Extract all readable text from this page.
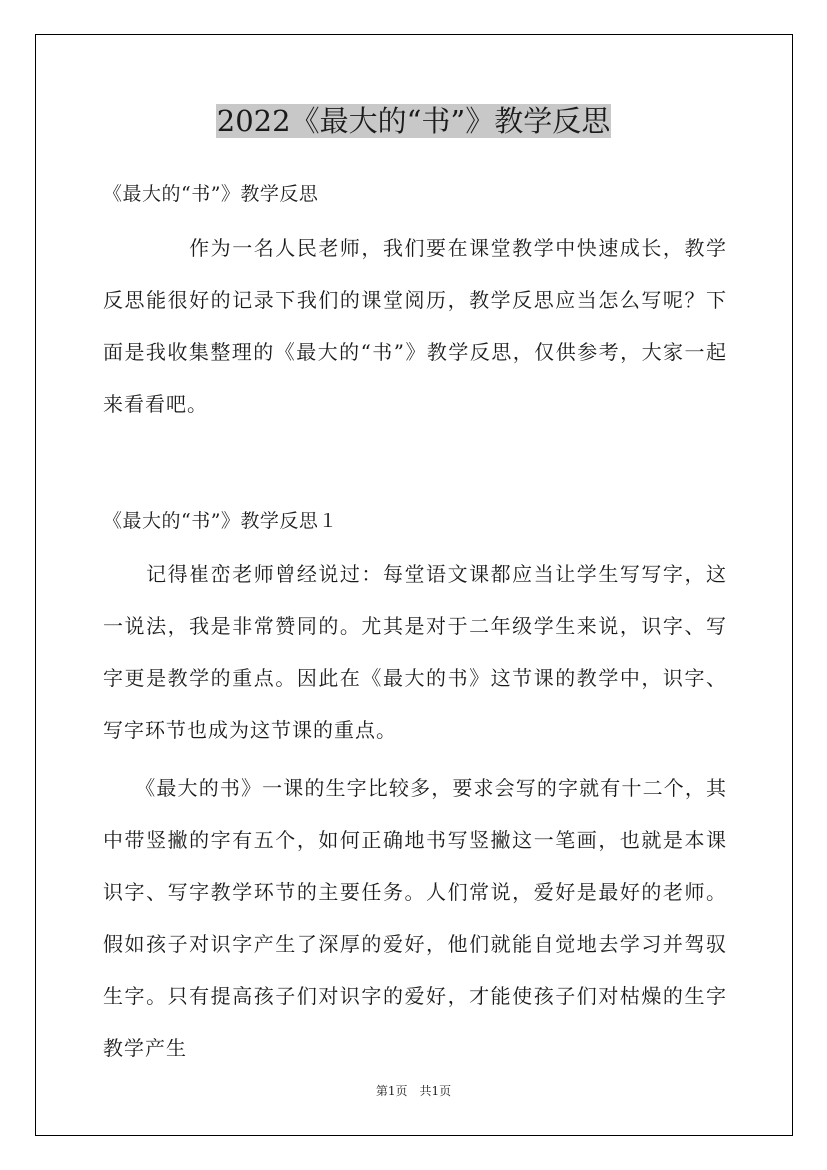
2022《最大的“书”》教学反思
《最大的“书”》教学反思
　　　　作为一名人民老师，我们要在课堂教学中快速成长，教学反思能很好的记录下我们的课堂阅历，教学反思应当怎么写呢？下面是我收集整理的《最大的“书”》教学反思，仅供参考，大家一起来看看吧。
《最大的“书”》教学反思１
　　记得崔峦老师曾经说过：每堂语文课都应当让学生写写字，这一说法，我是非常赞同的。尤其是对于二年级学生来说，识字、写字更是教学的重点。因此在《最大的书》这节课的教学中，识字、写字环节也成为这节课的重点。
　　《最大的书》一课的生字比较多，要求会写的字就有十二个，其中带竖撇的字有五个，如何正确地书写竖撇这一笔画，也就是本课识字、写字教学环节的主要任务。人们常说，爱好是最好的老师。假如孩子对识字产生了深厚的爱好，他们就能自觉地去学习并驾驭生字。只有提高孩子们对识字的爱好，才能使孩子们对枯燥的生字教学产生
第1页　共1页
